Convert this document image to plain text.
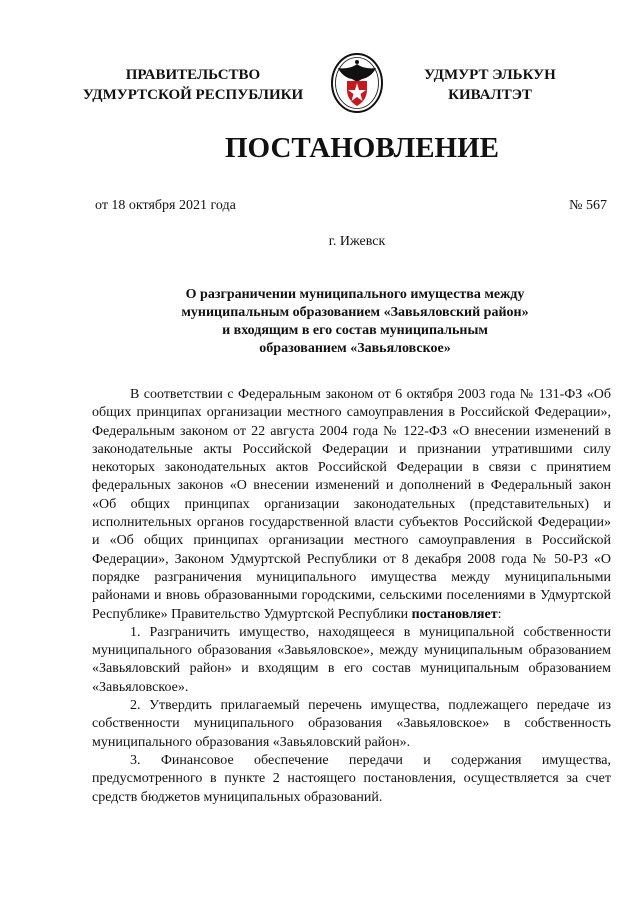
ПРАВИТЕЛЬСТВО
УДМУРТСКОЙ РЕСПУБЛИКИ
УДМУРТ ЭЛЬКУН
КИВАЛТЭТ
ПОСТАНОВЛЕНИЕ
от 18 октября 2021 года	№ 567
г. Ижевск
О разграничении муниципального имущества между
муниципальным образованием «Завьяловский район»
и входящим в его состав муниципальным
образованием «Завьяловское»

В соответствии с Федеральным законом от 6 октября 2003 года № 131-ФЗ «Об общих принципах организации местного самоуправления в Российской Федерации», Федеральным законом от 22 августа 2004 года № 122-ФЗ «О внесении изменений в законодательные акты Российской Федерации и признании утратившими силу некоторых законодательных актов Российской Федерации в связи с принятием федеральных законов «О внесении изменений и дополнений в Федеральный закон «Об общих принципах организации законодательных (представительных) и исполнительных органов государственной власти субъектов Российской Федерации» и «Об общих принципах организации местного самоуправления в Российской Федерации», Законом Удмуртской Республики от 8 декабря 2008 года № 50-РЗ «О порядке разграничения муниципального имущества между муниципальными районами и вновь образованными городскими, сельскими поселениями в Удмуртской Республике» Правительство Удмуртской Республики постановляет:

1. Разграничить имущество, находящееся в муниципальной собственности муниципального образования «Завьяловское», между муниципальным образованием «Завьяловский район» и входящим в его состав муниципальным образованием «Завьяловское».

2. Утвердить прилагаемый перечень имущества, подлежащего передаче из собственности муниципального образования «Завьяловское» в собственность муниципального образования «Завьяловский район».

3. Финансовое обеспечение передачи и содержания имущества, предусмотренного в пункте 2 настоящего постановления, осуществляется за счет средств бюджетов муниципальных образований.
